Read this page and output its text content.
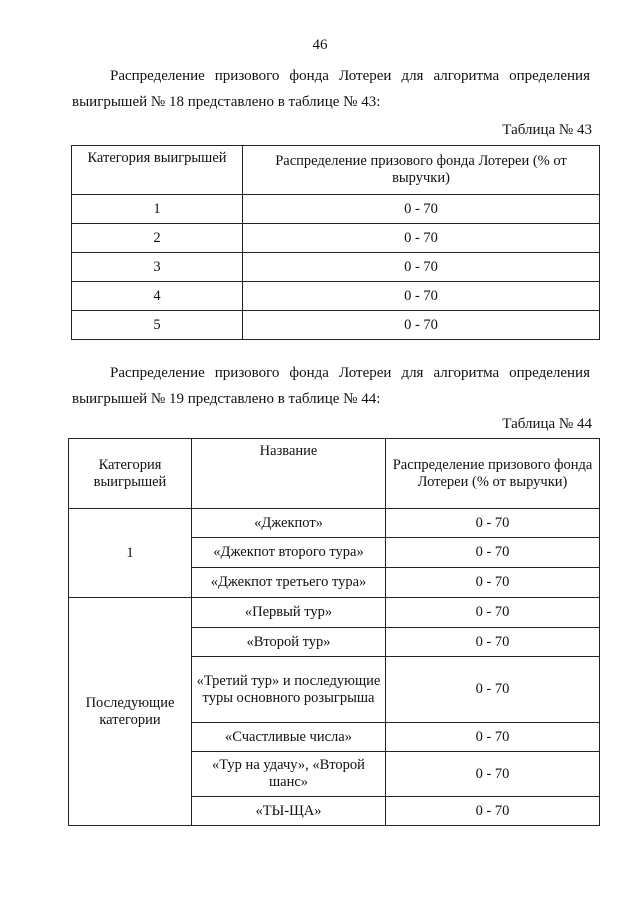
46
Распределение призового фонда Лотереи для алгоритма определения
выигрышей № 18 представлено в таблице № 43:
Таблица № 43
Категория выигрышей	Распределение призового фонда Лотереи (% от выручки)
1	0 - 70
2	0 - 70
3	0 - 70
4	0 - 70
5	0 - 70
Распределение призового фонда Лотереи для алгоритма определения
выигрышей № 19 представлено в таблице № 44:
Таблица № 44
Категория выигрышей	Название	Распределение призового фонда Лотереи (% от выручки)
1	«Джекпот»	0 - 70
	«Джекпот второго тура»	0 - 70
	«Джекпот третьего тура»	0 - 70
Последующие категории	«Первый тур»	0 - 70
	«Второй тур»	0 - 70
	«Третий тур» и последующие туры основного розыгрыша	0 - 70
	«Счастливые числа»	0 - 70
	«Тур на удачу», «Второй шанс»	0 - 70
	«ТЫ-ЩА»	0 - 70
